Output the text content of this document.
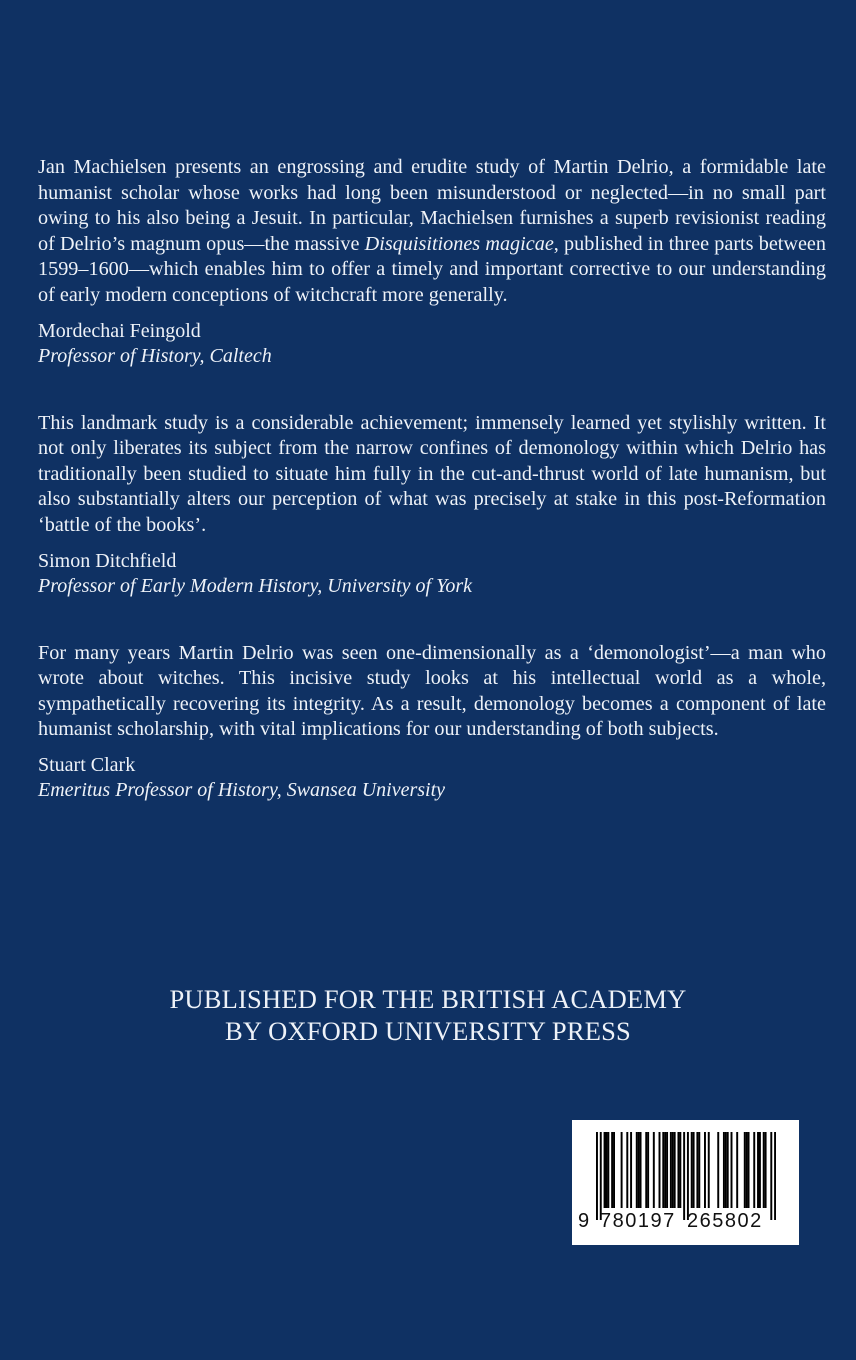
Jan Machielsen presents an engrossing and erudite study of Martin Delrio, a formidable late humanist scholar whose works had long been misunderstood or neglected—in no small part owing to his also being a Jesuit. In particular, Machielsen furnishes a superb revisionist reading of Delrio’s magnum opus—the massive Disquisitiones magicae, published in three parts between 1599–1600—which enables him to offer a timely and important corrective to our understanding of early modern conceptions of witchcraft more generally.

Mordechai Feingold
Professor of History, Caltech

This landmark study is a considerable achievement; immensely learned yet stylishly written. It not only liberates its subject from the narrow confines of demonology within which Delrio has traditionally been studied to situate him fully in the cut-and-thrust world of late humanism, but also substantially alters our perception of what was precisely at stake in this post-Reformation ‘battle of the books’.

Simon Ditchfield
Professor of Early Modern History, University of York

For many years Martin Delrio was seen one-dimensionally as a ‘demonologist’—a man who wrote about witches. This incisive study looks at his intellectual world as a whole, sympathetically recovering its integrity. As a result, demonology becomes a component of late humanist scholarship, with vital implications for our understanding of both subjects.

Stuart Clark
Emeritus Professor of History, Swansea University
PUBLISHED FOR THE BRITISH ACADEMY
BY OXFORD UNIVERSITY PRESS
9 780197 265802
